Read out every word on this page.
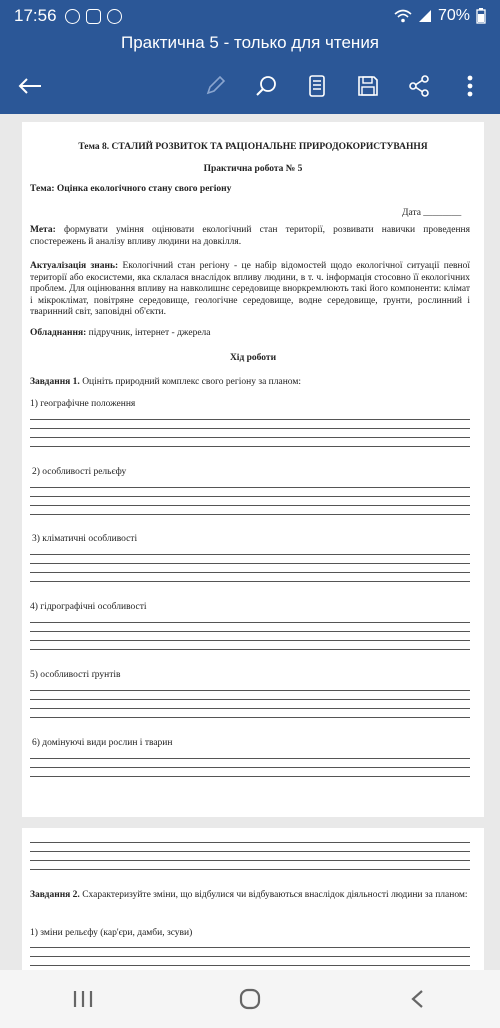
17:56	70%
Практична 5 - только для чтения
Тема 8. СТАЛИЙ РОЗВИТОК ТА РАЦІОНАЛЬНЕ ПРИРОДОКОРИСТУВАННЯ
Практична робота № 5
Тема: Оцінка екологічного стану свого регіону
Дата ________
Мета: формувати уміння оцінювати екологічний стан території, розвивати навички проведення спостережень й аналізу впливу людини на довкілля.
Актуалізація знань: Екологічний стан регіону - це набір відомостей щодо екологічної ситуації певної території або екосистеми, яка склалася внаслідок впливу людини, в т. ч. інформація стосовно її екологічних проблем. Для оцінювання впливу на навколишнє середовище вноркремлюють такі його компоненти: клімат і мікроклімат, повітряне середовище, геологічне середовище, водне середовище, ґрунти, рослинний і тваринний світ, заповідні об'єкти.
Обладнання: підручник, інтернет - джерела
Хід роботи
Завдання 1. Оцініть природний комплекс свого регіону за планом:
1) географічне положення
2) особливості рельєфу
3) кліматичні особливості
4) гідрографічні особливості
5) особливості ґрунтів
6) домінуючі види рослин і тварин
Завдання 2. Схарактеризуйте зміни, що відбулися чи відбуваються внаслідок діяльності людини за планом:
1) зміни рельєфу (кар'єри, дамби, зсуви)
